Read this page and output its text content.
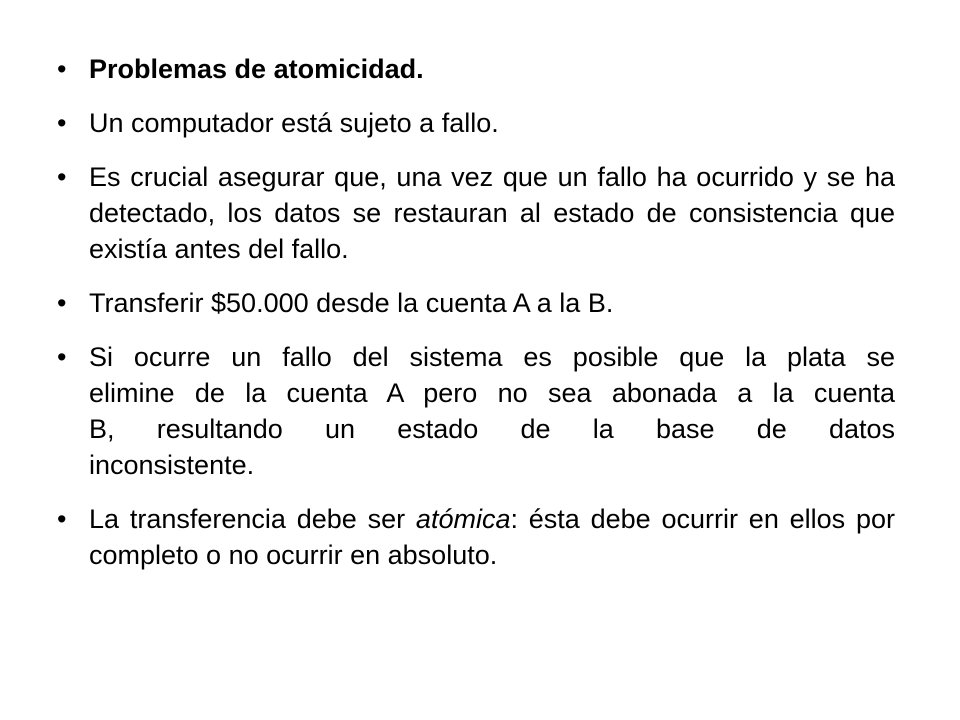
• Problemas de atomicidad.
• Un computador está sujeto a fallo.
• Es crucial asegurar que, una vez que un fallo ha ocurrido y se ha detectado, los datos se restauran al estado de consistencia que existía antes del fallo.
• Transferir $50.000 desde la cuenta A a la B.
• Si ocurre un fallo del sistema es posible que la plata se
elimine de la cuenta A pero no sea abonada a la cuenta
B, resultando un estado de la base de datos
inconsistente.
• La transferencia debe ser atómica: ésta debe ocurrir en ellos por completo o no ocurrir en absoluto.
